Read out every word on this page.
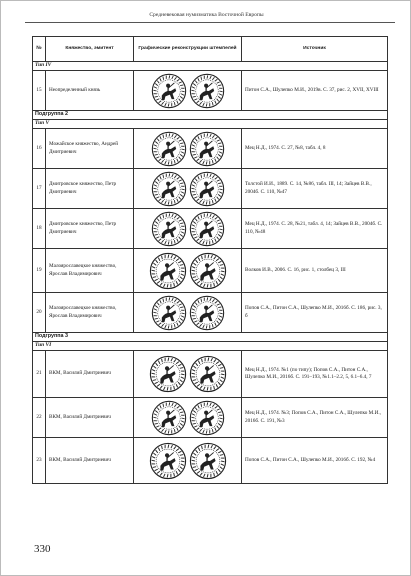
Средневековая нумизматика Восточной Европы
№	Княжество, эмитент	Графические реконструкции штемпелей	Источник
Тип IV			
15	Неопределенный князь		Питон С.А., Шулепко М.И., 2019в. С. 37, рис. 2, XVII, XVIII
Подгруппа 2			
Тип V			
16	Можайское княжество, Андрей Дмитриевич		Мец Н.Д., 1974. С. 27, №8, табл. 4, 8
17	Дмитровское княжество, Петр Дмитриевич		Толстой И.И., 1889. С. 14, №86, табл. III, 14; Зайцев В.В., 2004б. С. 110, №47
18	Дмитровское княжество, Петр Дмитриевич		Мец Н.Д., 1974. С. 28, №21, табл. 4, 14; Зайцев В.В., 2004б. С. 110, №48
19	Малоярославецкое княжество, Ярослав Владимирович		Волков И.В., 2006. С. 16, рис. 1, столбец 3, III
20	Малоярославецкое княжество, Ярослав Владимирович		Попов С.А., Питон С.А., Шулепко М.И., 2016б. С. 186, рис. 3, б
Подгруппа 3			
Тип VI			
21	ВКМ, Василий Дмитриевич		Мец Н.Д., 1974. №1 (по типу); Попов С.А., Питон С.А., Шулепко М.И., 2016б. С. 191–193, №1.1–2.2, 5, 6.1–6.4, 7
22	ВКМ, Василий Дмитриевич		Мец Н.Д., 1974. №3; Попов С.А., Питон С.А., Шулепко М.И., 2016б. С. 191, №3
23	ВКМ, Василий Дмитриевич		Попов С.А., Питон С.А., Шулепко М.И., 2016б. С. 192, №4
330
